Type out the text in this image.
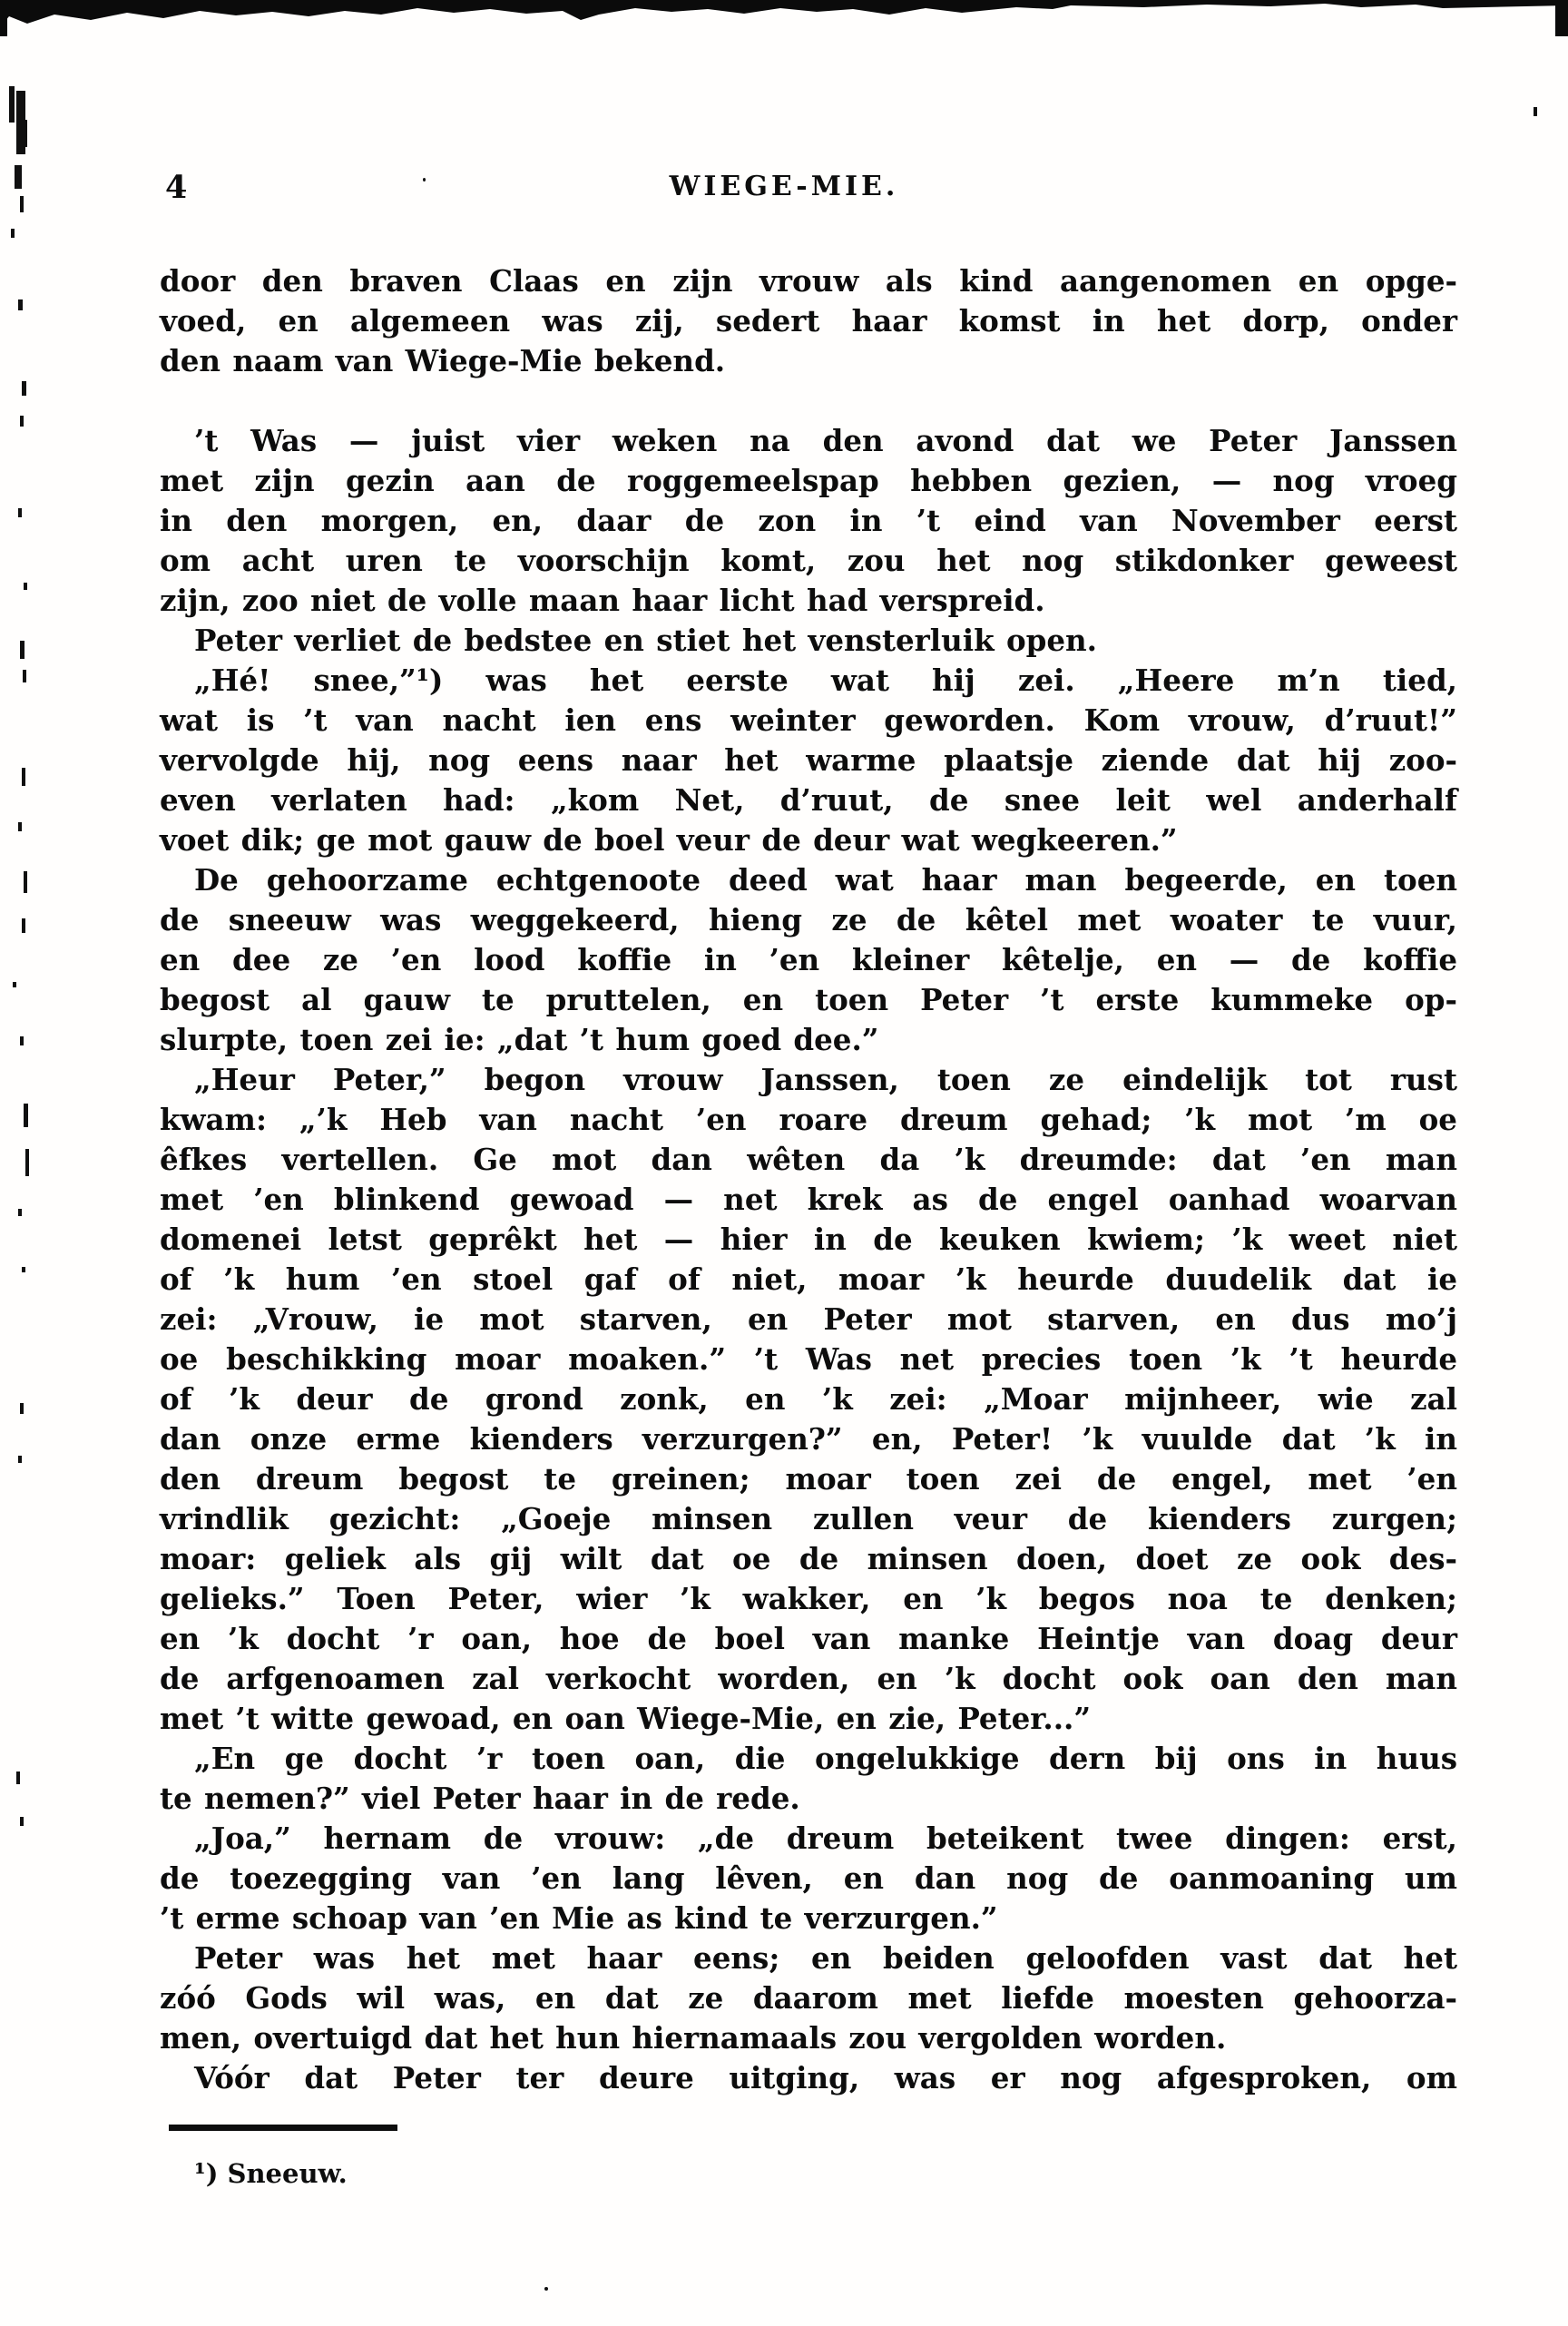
4	WIEGE-MIE.
door den braven Claas en zijn vrouw als kind aangenomen en opge-
voed, en algemeen was zij, sedert haar komst in het dorp, onder
den naam van Wiege-Mie bekend.
’t Was — juist vier weken na den avond dat we Peter Janssen
met zijn gezin aan de roggemeelspap hebben gezien, — nog vroeg
in den morgen, en, daar de zon in ’t eind van November eerst
om acht uren te voorschijn komt, zou het nog stikdonker geweest
zijn, zoo niet de volle maan haar licht had verspreid.
Peter verliet de bedstee en stiet het vensterluik open.
„Hé! snee,”¹) was het eerste wat hij zei. „Heere m’n tied,
wat is ’t van nacht ien ens weinter geworden. Kom vrouw, d’ruut!”
vervolgde hij, nog eens naar het warme plaatsje ziende dat hij zoo-
even verlaten had: „kom Net, d’ruut, de snee leit wel anderhalf
voet dik; ge mot gauw de boel veur de deur wat wegkeeren.”
De gehoorzame echtgenoote deed wat haar man begeerde, en toen
de sneeuw was weggekeerd, hieng ze de kêtel met woater te vuur,
en dee ze ’en lood koffie in ’en kleiner kêtelje, en — de koffie
begost al gauw te pruttelen, en toen Peter ’t erste kummeke op-
slurpte, toen zei ie: „dat ’t hum goed dee.”
„Heur Peter,” begon vrouw Janssen, toen ze eindelijk tot rust
kwam: „’k Heb van nacht ’en roare dreum gehad; ’k mot ’m oe
êfkes vertellen. Ge mot dan wêten da ’k dreumde: dat ’en man
met ’en blinkend gewoad — net krek as de engel oanhad woarvan
domenei letst geprêkt het — hier in de keuken kwiem; ’k weet niet
of ’k hum ’en stoel gaf of niet, moar ’k heurde duudelik dat ie
zei: „Vrouw, ie mot starven, en Peter mot starven, en dus mo’j
oe beschikking moar moaken.” ’t Was net precies toen ’k ’t heurde
of ’k deur de grond zonk, en ’k zei: „Moar mijnheer, wie zal
dan onze erme kienders verzurgen?” en, Peter! ’k vuulde dat ’k in
den dreum begost te greinen; moar toen zei de engel, met ’en
vrindlik gezicht: „Goeje minsen zullen veur de kienders zurgen;
moar: geliek als gij wilt dat oe de minsen doen, doet ze ook des-
gelieks.” Toen Peter, wier ’k wakker, en ’k begos noa te denken;
en ’k docht ’r oan, hoe de boel van manke Heintje van doag deur
de arfgenoamen zal verkocht worden, en ’k docht ook oan den man
met ’t witte gewoad, en oan Wiege-Mie, en zie, Peter...”
„En ge docht ’r toen oan, die ongelukkige dern bij ons in huus
te nemen?” viel Peter haar in de rede.
„Joa,” hernam de vrouw: „de dreum beteikent twee dingen: erst,
de toezegging van ’en lang lêven, en dan nog de oanmoaning um
’t erme schoap van ’en Mie as kind te verzurgen.”
Peter was het met haar eens; en beiden geloofden vast dat het
zóó Gods wil was, en dat ze daarom met liefde moesten gehoorza-
men, overtuigd dat het hun hiernamaals zou vergolden worden.
Vóór dat Peter ter deure uitging, was er nog afgesproken, om
¹) Sneeuw.
